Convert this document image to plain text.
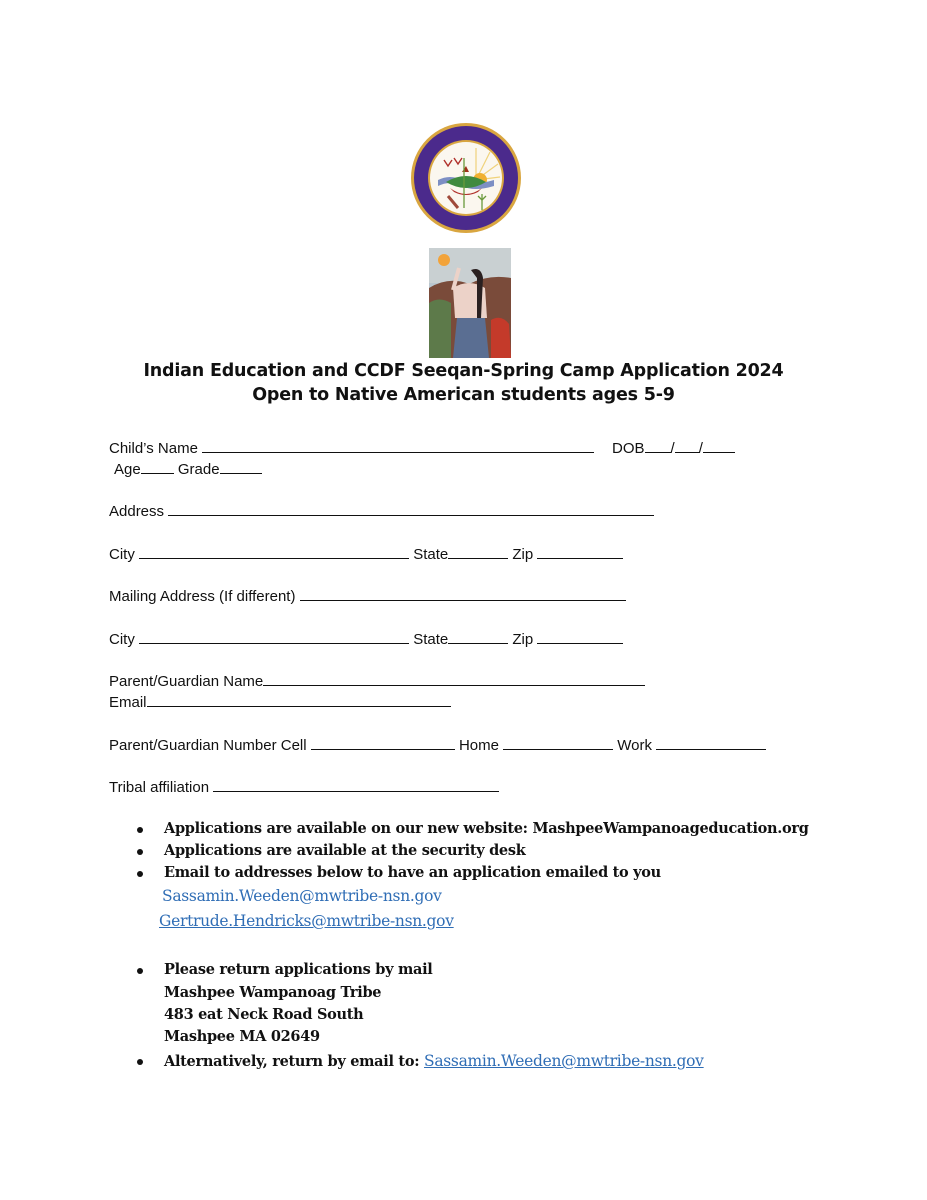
Indian Education and CCDF Seeqan-Spring Camp Application 2024
Open to Native American students ages 5-9
Child’s Name	DOB / /
Age Grade
Address
City	State	Zip
Mailing Address (If different)
City	State	Zip
Parent/Guardian Name
Email
Parent/Guardian Number Cell	Home	Work
Tribal affiliation
Applications are available on our new website: MashpeeWampanoageducation.org
Applications are available at the security desk
Email to addresses below to have an application emailed to you
Sassamin.Weeden@mwtribe-nsn.gov
Gertrude.Hendricks@mwtribe-nsn.gov
Please return applications by mail
Mashpee Wampanoag Tribe
483 eat Neck Road South
Mashpee MA 02649
Alternatively, return by email to: Sassamin.Weeden@mwtribe-nsn.gov
